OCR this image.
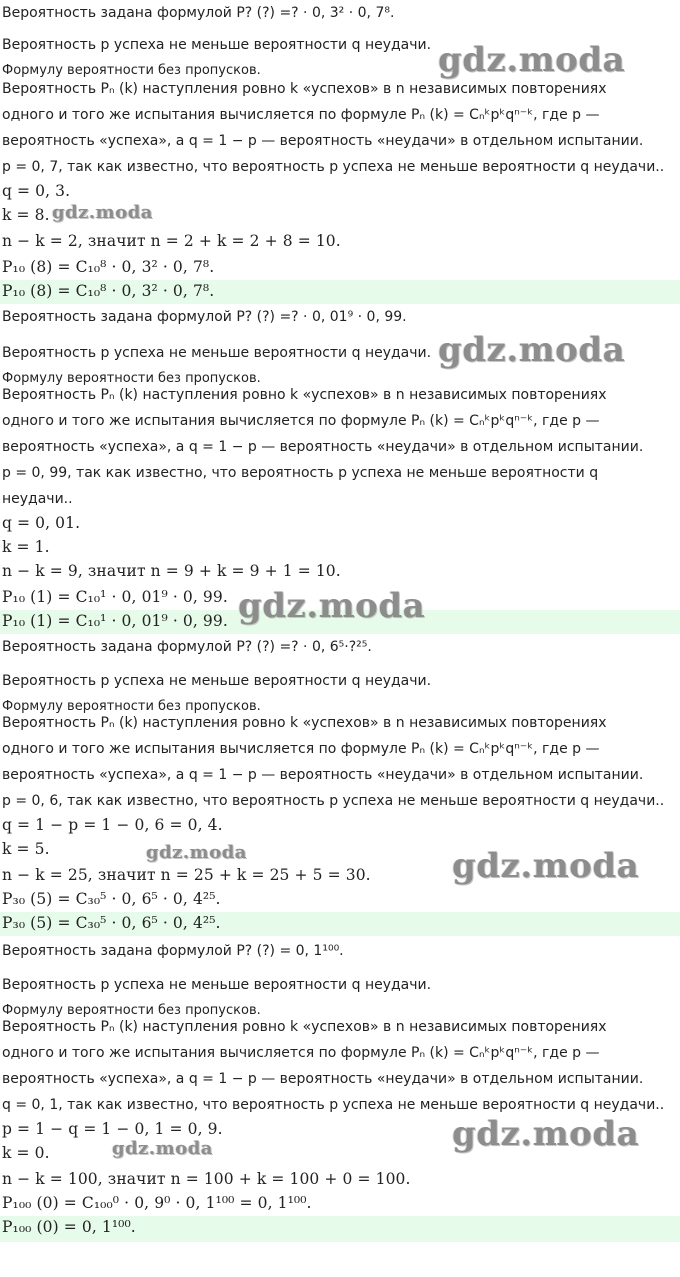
Вероятность задана формулой P? (?) =? · 0, 3² · 0, 7⁸.
Вероятность p успеха не меньше вероятности q неудачи.
Формулу вероятности без пропусков.
Вероятность Pₙ (k) наступления ровно k «успехов» в n независимых повторениях
одного и того же испытания вычисляется по формуле Pₙ (k) = Cₙᵏpᵏqⁿ⁻ᵏ, где p —
вероятность «успеха», а q = 1 − p — вероятность «неудачи» в отдельном испытании.
p = 0, 7, так как известно, что вероятность p успеха не меньше вероятности q неудачи..
q = 0, 3.
k = 8.
n − k = 2, значит n = 2 + k = 2 + 8 = 10.
P₁₀ (8) = C₁₀⁸ · 0, 3² · 0, 7⁸.
P₁₀ (8) = C₁₀⁸ · 0, 3² · 0, 7⁸.
Вероятность задана формулой P? (?) =? · 0, 01⁹ · 0, 99.
Вероятность p успеха не меньше вероятности q неудачи.
Формулу вероятности без пропусков.
Вероятность Pₙ (k) наступления ровно k «успехов» в n независимых повторениях
одного и того же испытания вычисляется по формуле Pₙ (k) = Cₙᵏpᵏqⁿ⁻ᵏ, где p —
вероятность «успеха», а q = 1 − p — вероятность «неудачи» в отдельном испытании.
p = 0, 99, так как известно, что вероятность p успеха не меньше вероятности q
неудачи..
q = 0, 01.
k = 1.
n − k = 9, значит n = 9 + k = 9 + 1 = 10.
P₁₀ (1) = C₁₀¹ · 0, 01⁹ · 0, 99.
P₁₀ (1) = C₁₀¹ · 0, 01⁹ · 0, 99.
Вероятность задана формулой P? (?) =? · 0, 6⁵·?²⁵.
Вероятность p успеха не меньше вероятности q неудачи.
Формулу вероятности без пропусков.
Вероятность Pₙ (k) наступления ровно k «успехов» в n независимых повторениях
одного и того же испытания вычисляется по формуле Pₙ (k) = Cₙᵏpᵏqⁿ⁻ᵏ, где p —
вероятность «успеха», а q = 1 − p — вероятность «неудачи» в отдельном испытании.
p = 0, 6, так как известно, что вероятность p успеха не меньше вероятности q неудачи..
q = 1 − p = 1 − 0, 6 = 0, 4.
k = 5.
n − k = 25, значит n = 25 + k = 25 + 5 = 30.
P₃₀ (5) = C₃₀⁵ · 0, 6⁵ · 0, 4²⁵.
P₃₀ (5) = C₃₀⁵ · 0, 6⁵ · 0, 4²⁵.
Вероятность задана формулой P? (?) = 0, 1¹⁰⁰.
Вероятность p успеха не меньше вероятности q неудачи.
Формулу вероятности без пропусков.
Вероятность Pₙ (k) наступления ровно k «успехов» в n независимых повторениях
одного и того же испытания вычисляется по формуле Pₙ (k) = Cₙᵏpᵏqⁿ⁻ᵏ, где p —
вероятность «успеха», а q = 1 − p — вероятность «неудачи» в отдельном испытании.
q = 0, 1, так как известно, что вероятность p успеха не меньше вероятности q неудачи..
p = 1 − q = 1 − 0, 1 = 0, 9.
k = 0.
n − k = 100, значит n = 100 + k = 100 + 0 = 100.
P₁₀₀ (0) = C₁₀₀⁰ · 0, 9⁰ · 0, 1¹⁰⁰ = 0, 1¹⁰⁰.
P₁₀₀ (0) = 0, 1¹⁰⁰.
gdz.moda
gdz.moda
gdz.moda
gdz.moda
gdz.moda	gdz.moda
gdz.moda	gdz.moda
